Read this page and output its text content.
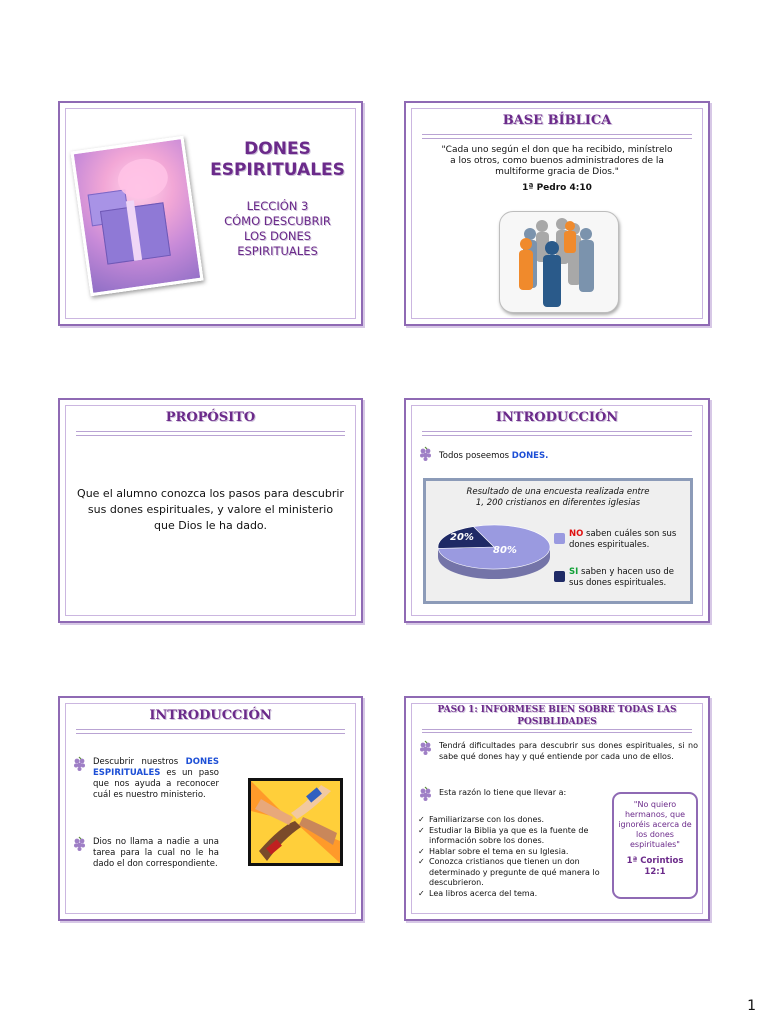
DONES
ESPIRITUALES
LECCIÓN 3
CÓMO DESCUBRIR
LOS DONES
ESPIRITUALES
BASE BÍBLICA
"Cada uno según el don que ha recibido, minístrelo
a los otros, como buenos administradores de la
multiforme gracia de Dios."
1ª Pedro 4:10
PROPÓSITO
Que el alumno conozca los pasos para descubrir
sus dones espirituales, y valore el ministerio
que Dios le ha dado.
INTRODUCCIÓN
Todos poseemos DONES.
Resultado de una encuesta realizada entre
1, 200 cristianos en diferentes iglesias
80%
20%	NO saben cuáles son sus
dones espirituales.
SI saben y hacen uso de
sus dones espirituales.
INTRODUCCIÓN
Descubrir nuestros DONES ESPIRITUALES es un paso que nos ayuda a reconocer cuál es nuestro ministerio.
Dios no llama a nadie a una tarea para la cual no le ha dado el don correspondiente.
PASO 1: INFÓRMESE BIEN SOBRE TODAS LAS
POSIBLIDADES
Tendrá dificultades para descubrir sus dones espirituales, si no sabe qué dones hay y qué entiende por cada uno de ellos.
Esta razón lo tiene que llevar a:
✓ Familiarizarse con los dones.
✓ Estudiar la Biblia ya que es la fuente de información sobre los dones.
✓ Hablar sobre el tema en su Iglesia.
✓ Conozca cristianos que tienen un don determinado y pregunte de qué manera lo descubrieron.
✓ Lea libros acerca del tema.
"No quiero hermanos, que ignoréis acerca de los dones espirituales"
1ª Corintios 12:1
1
